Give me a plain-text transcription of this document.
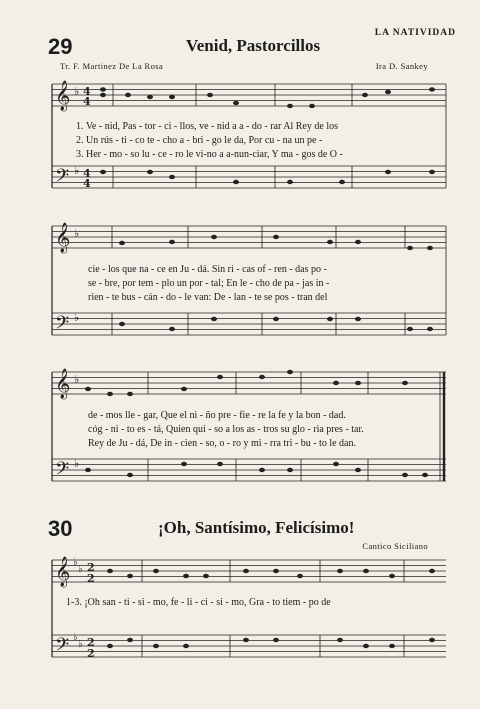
𝄞
𝄢
𝄞
𝄢
𝄞
𝄢
𝄞
𝄢
♭
♭
♭
♭
♭
♭
♭
♭
♭
♭
4
4
4
4
2
2
2
2
LA NATIVIDAD
29	Venid, Pastorcillos
Tr. F. Martinez De La Rosa	Ira D. Sankey
1. Ve - nid, Pas - tor - ci - llos, ve - nid a a - do - rar Al Rey de los
2. Un rús - ti - co te - cho a - bri - go le da, Por cu - na un pe -
3. Her - mo - so lu - ce - ro le vi-no a a-nun-ciar, Y ma - gos de O -
cie - los que na - ce en Ju - dá. Sin ri - cas of - ren - das po -
se - bre, por tem - plo un por - tal; En le - cho de pa - jas in -
rien - te bus - cán - do - le van: De - lan - te se pos - tran del
de - mos lle - gar, Que el ni - ño pre - fie - re la fe y la bon - dad.
cóg - ni - to es - tá, Quien qui - so a los as - tros su glo - ria pres - tar.
Rey de Ju - dá, De in - cien - so, o - ro y mi - rra tri - bu - to le dan.
30	¡Oh, Santísimo, Felicísimo!
Cantico Siciliano
1-3. ¡Oh san - ti - si - mo, fe - li - ci - si - mo, Gra - to tiem - po de
